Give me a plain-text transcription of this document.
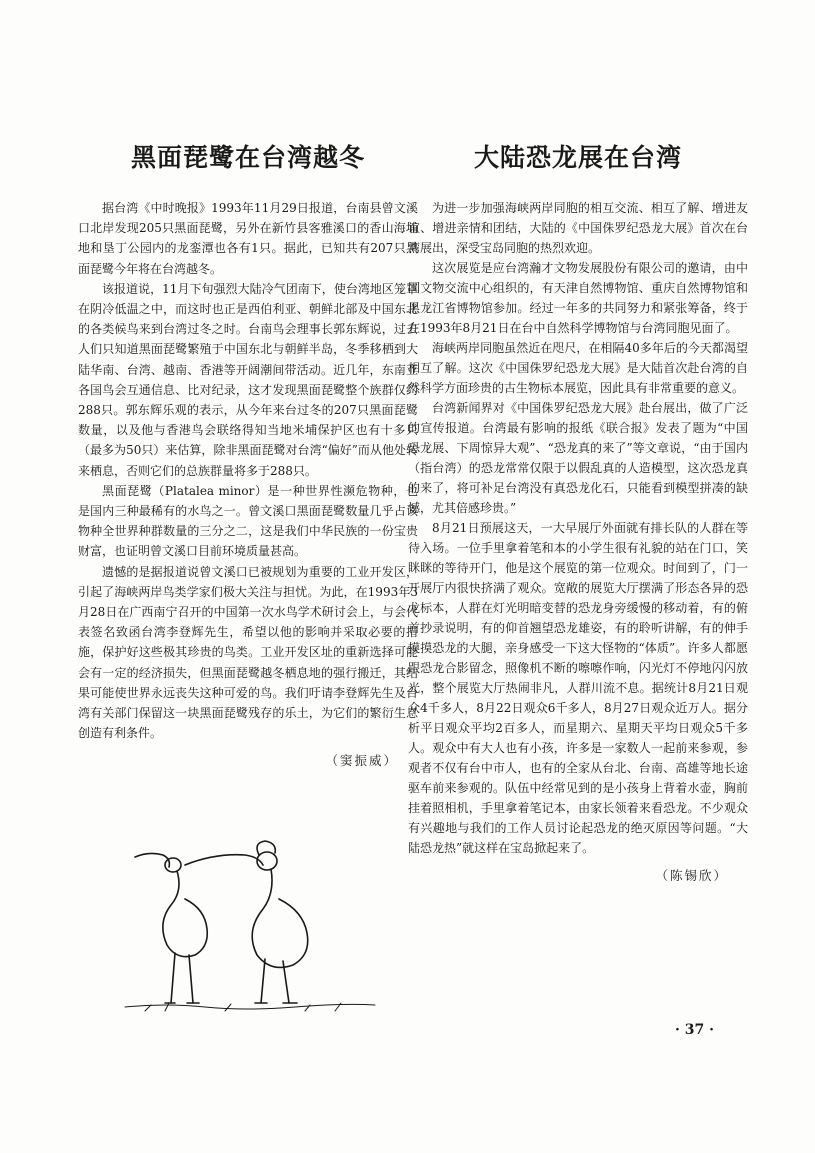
黑面琵鹭在台湾越冬

据台湾《中时晚报》1993年11月29日报道，台南县曾文溪口北岸发现205只黑面琵鹭，另外在新竹县客雅溪口的香山海埔地和垦丁公园内的龙銮潭也各有1只。据此，已知共有207只黑面琵鹭今年将在台湾越冬。

该报道说，11月下旬强烈大陆冷气团南下，使台湾地区笼罩在阴冷低温之中，而这时也正是西伯利亚、朝鲜北部及中国东北的各类候鸟来到台湾过冬之时。台南鸟会理事长郭东辉说，过去人们只知道黑面琵鹭繁殖于中国东北与朝鲜半岛，冬季移栖到大陆华南、台湾、越南、香港等开阔潮间带活动。近几年，东南亚各国鸟会互通信息、比对纪录，这才发现黑面琵鹭整个族群仅约288只。郭东辉乐观的表示，从今年来台过冬的207只黑面琵鹭数量，以及他与香港鸟会联络得知当地米埔保护区也有十多只（最多为50只）来估算，除非黑面琵鹭对台湾“偏好”而从他处转来栖息，否则它们的总族群量将多于288只。

黑面琵鹭（Platalea minor）是一种世界性濒危物种，也是国内三种最稀有的水鸟之一。曾文溪口黑面琵鹭数量几乎占该物种全世界种群数量的三分之二，这是我们中华民族的一份宝贵财富，也证明曾文溪口目前环境质量甚高。

遗憾的是据报道说曾文溪口已被规划为重要的工业开发区，引起了海峡两岸鸟类学家们极大关注与担忧。为此，在1993年3月28日在广西南宁召开的中国第一次水鸟学术研讨会上，与会代表签名致函台湾李登辉先生，希望以他的影响并采取必要的措施，保护好这些极其珍贵的鸟类。工业开发区址的重新选择可能会有一定的经济损失，但黑面琵鹭越冬栖息地的强行搬迁，其结果可能使世界永远丧失这种可爱的鸟。我们吁请李登辉先生及台湾有关部门保留这一块黑面琵鹭残存的乐土，为它们的繁衍生息创造有利条件。

（窦振威）
大陆恐龙展在台湾

为进一步加强海峡两岸同胞的相互交流、相互了解、增进友谊、增进亲情和团结，大陆的《中国侏罗纪恐龙大展》首次在台湾展出，深受宝岛同胞的热烈欢迎。

这次展览是应台湾瀚才文物发展股份有限公司的邀请，由中国文物交流中心组织的，有天津自然博物馆、重庆自然博物馆和黑龙江省博物馆参加。经过一年多的共同努力和紧张筹备，终于在1993年8月21日在台中自然科学博物馆与台湾同胞见面了。

海峡两岸同胞虽然近在咫尺，在相隔40多年后的今天都渴望相互了解。这次《中国侏罗纪恐龙大展》是大陆首次赴台湾的自然科学方面珍贵的古生物标本展览，因此具有非常重要的意义。

台湾新闻界对《中国侏罗纪恐龙大展》赴台展出，做了广泛的宣传报道。台湾最有影响的报纸《联合报》发表了题为“中国恐龙展、下周惊异大观”、“恐龙真的来了”等文章说，“由于国内（指台湾）的恐龙常常仅限于以假乱真的人造模型，这次恐龙真的来了，将可补足台湾没有真恐龙化石，只能看到模型拼凑的缺憾，尤其倍感珍贵。”

8月21日预展这天，一大早展厅外面就有排长队的人群在等待入场。一位手里拿着笔和本的小学生很有礼貌的站在门口，笑眯眯的等待开门，他是这个展览的第一位观众。时间到了，门一开展厅内很快挤满了观众。宽敞的展览大厅摆满了形态各异的恐龙标本，人群在灯光明暗变替的恐龙身旁缓慢的移动着，有的俯首抄录说明，有的仰首翘望恐龙雄姿，有的聆听讲解，有的伸手摸摸恐龙的大腿，亲身感受一下这大怪物的“体质”。许多人都愿跟恐龙合影留念，照像机不断的嚓嚓作响，闪光灯不停地闪闪放光，整个展览大厅热闹非凡，人群川流不息。据统计8月21日观众4千多人，8月22日观众6千多人，8月27日观众近万人。据分析平日观众平均2百多人，而星期六、星期天平均日观众5千多人。观众中有大人也有小孩，许多是一家数人一起前来参观，参观者不仅有台中市人，也有的全家从台北、台南、高雄等地长途驱车前来参观的。队伍中经常见到的是小孩身上背着水壶，胸前挂着照相机，手里拿着笔记本，由家长领着来看恐龙。不少观众有兴趣地与我们的工作人员讨论起恐龙的绝灭原因等问题。“大陆恐龙热”就这样在宝岛掀起来了。

（陈锡欣）
· 37 ·
